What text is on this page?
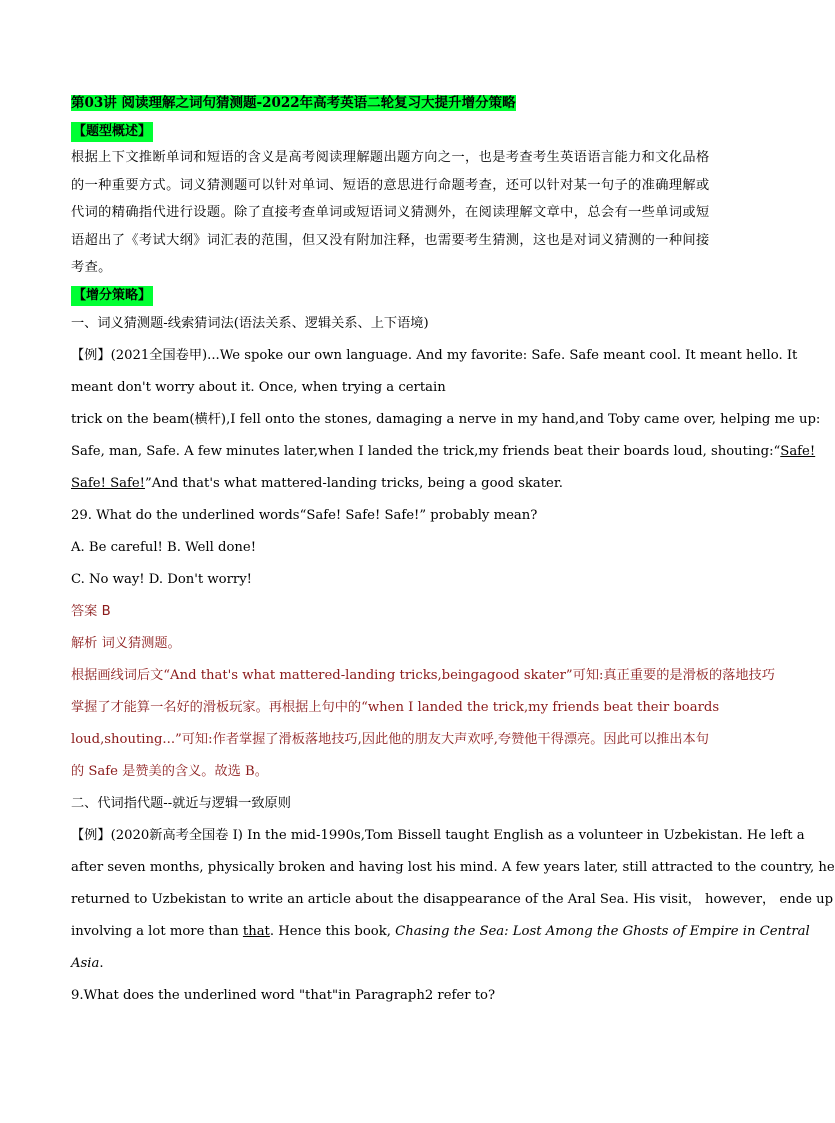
第03讲 阅读理解之词句猜测题-2022年高考英语二轮复习大提升增分策略
【题型概述】
根据上下文推断单词和短语的含义是高考阅读理解题出题方向之一，也是考查考生英语语言能力和文化品格的一种重要方式。词义猜测题可以针对单词、短语的意思进行命题考查，还可以针对某一句子的准确理解或代词的精确指代进行设题。除了直接考查单词或短语词义猜测外，在阅读理解文章中，总会有一些单词或短语超出了《考试大纲》词汇表的范围，但又没有附加注释，也需要考生猜测，这也是对词义猜测的一种间接考查。
【增分策略】
一、词义猜测题-线索猜词法(语法关系、逻辑关系、上下语境)
【例】(2021全国卷甲)...We spoke our own language. And my favorite: Safe. Safe meant cool. It meant hello. It
meant don't worry about it. Once, when trying a certain
trick on the beam(横杆),I fell onto the stones, damaging a nerve in my hand,and Toby came over, helping me up:
Safe, man, Safe. A few minutes later,when I landed the trick,my friends beat their boards loud, shouting:“Safe!
Safe! Safe!”And that's what mattered-landing tricks, being a good skater.
29. What do the underlined words“Safe! Safe! Safe!” probably mean?
A. Be careful! B. Well done!
C. No way! D. Don't worry!
答案 B
解析 词义猜测题。
根据画线词后文“And that's what mattered-landing tricks,beingagood skater”可知:真正重要的是滑板的落地技巧
掌握了才能算一名好的滑板玩家。再根据上句中的“when I landed the trick,my friends beat their boards
loud,shouting...”可知:作者掌握了滑板落地技巧,因此他的朋友大声欢呼,夸赞他干得漂亮。因此可以推出本句
的 Safe 是赞美的含义。故选 B。
二、代词指代题--就近与逻辑一致原则
【例】(2020新高考全国卷 I) In the mid-1990s,Tom Bissell taught English as a volunteer in Uzbekistan. He left a
after seven months, physically broken and having lost his mind. A few years later, still attracted to the country, he
returned to Uzbekistan to write an article about the disappearance of the Aral Sea. His visit， however， ende up
involving a lot more than that. Hence this book, Chasing the Sea: Lost Among the Ghosts of Empire in Central
Asia.
9.What does the underlined word "that"in Paragraph2 refer to?
